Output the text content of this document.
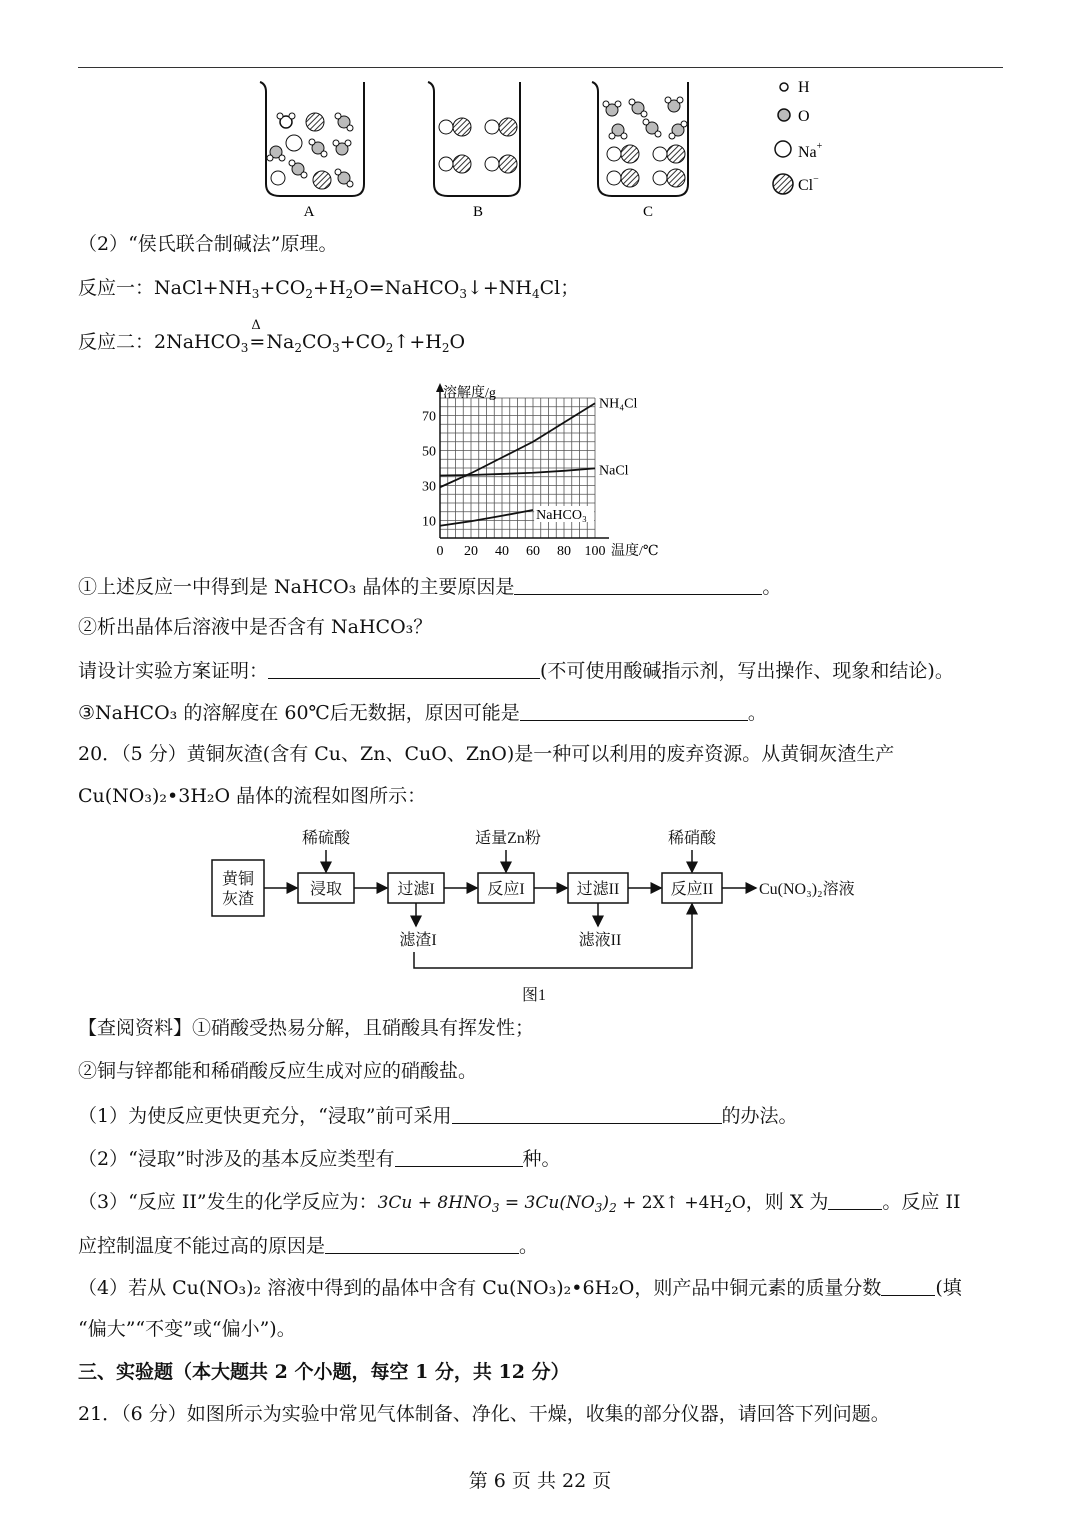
A	B	C
H
O
Na+
Cl−
（2）“侯氏联合制碱法”原理。
反应一：$NaCl+NH_3+CO_2+H_2O=NaHCO_3↓+NH_4Cl$；
反应二：2NaHCO$_3$
Δ
$=Na_2CO_3+CO_2↑+H_2O$
溶解度/g
温度/℃
0 20 40 60 80 100
10
30
50
70
NH₄Cl
NaCl
NaHCO₃
①上述反应一中得到是 NaHCO₃ 晶体的主要原因是	。
②析出晶体后溶液中是否含有 NaHCO₃？
请设计实验方案证明：	(不可使用酸碱指示剂，写出操作、现象和结论)。
③NaHCO₃ 的溶解度在 60℃后无数据，原因可能是	。
20．（5 分）黄铜灰渣(含有 Cu、Zn、CuO、ZnO)是一种可以利用的废弃资源。从黄铜灰渣生产
Cu(NO₃)₂•3H₂O 晶体的流程如图所示：
黄铜
灰渣
浸取	过滤I	反应I	过滤II	反应II	Cu(NO₃)₂溶液
稀硫酸	适量Zn粉	稀硝酸
滤渣I	滤液II
图1
【查阅资料】①硝酸受热易分解，且硝酸具有挥发性；
②铜与锌都能和稀硝酸反应生成对应的硝酸盐。
（1）为使反应更快更充分，“浸取”前可采用	的办法。
（2）“浸取”时涉及的基本反应类型有	种。
（3）“反应 II”发生的化学反应为：$3Cu + 8HNO_3 = 3Cu(NO_3)_2$ + 2X↑ $+4H_2O$，则 X 为	。反应 II
应控制温度不能过高的原因是	。
（4）若从 Cu(NO₃)₂ 溶液中得到的晶体中含有 Cu(NO₃)₂•6H₂O，则产品中铜元素的质量分数	(填
“偏大”“不变”或“偏小”)。
三、实验题（本大题共 2 个小题，每空 1 分，共 12 分）
21．（6 分）如图所示为实验中常见气体制备、净化、干燥，收集的部分仪器，请回答下列问题。
第 6 页 共 22 页
